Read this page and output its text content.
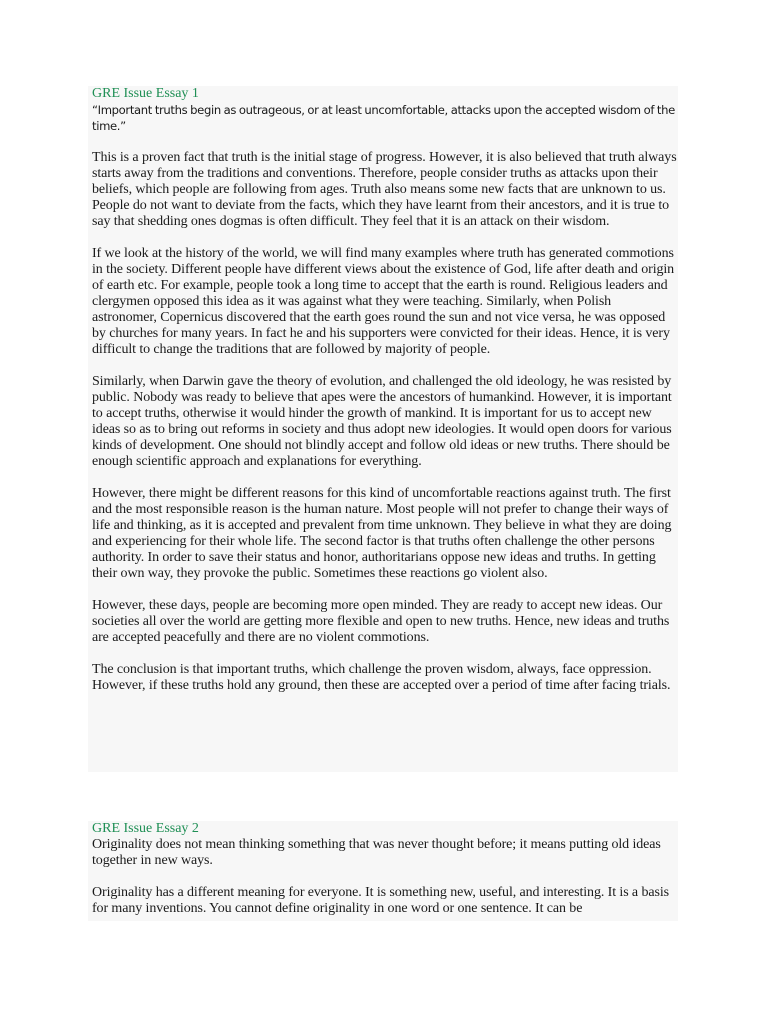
GRE Issue Essay 1

“Important truths begin as outrageous, or at least uncomfortable, attacks upon the accepted wisdom of the time.”

This is a proven fact that truth is the initial stage of progress. However, it is also believed that truth always starts away from the traditions and conventions. Therefore, people consider truths as attacks upon their beliefs, which people are following from ages. Truth also means some new facts that are unknown to us. People do not want to deviate from the facts, which they have learnt from their ancestors, and it is true to say that shedding ones dogmas is often difficult. They feel that it is an attack on their wisdom.

If we look at the history of the world, we will find many examples where truth has generated commotions in the society. Different people have different views about the existence of God, life after death and origin of earth etc. For example, people took a long time to accept that the earth is round. Religious leaders and clergymen opposed this idea as it was against what they were teaching. Similarly, when Polish astronomer, Copernicus discovered that the earth goes round the sun and not vice versa, he was opposed by churches for many years. In fact he and his supporters were convicted for their ideas. Hence, it is very difficult to change the traditions that are followed by majority of people.

Similarly, when Darwin gave the theory of evolution, and challenged the old ideology, he was resisted by public. Nobody was ready to believe that apes were the ancestors of humankind. However, it is important to accept truths, otherwise it would hinder the growth of mankind. It is important for us to accept new ideas so as to bring out reforms in society and thus adopt new ideologies. It would open doors for various kinds of development. One should not blindly accept and follow old ideas or new truths. There should be enough scientific approach and explanations for everything.

However, there might be different reasons for this kind of uncomfortable reactions against truth. The first and the most responsible reason is the human nature. Most people will not prefer to change their ways of life and thinking, as it is accepted and prevalent from time unknown. They believe in what they are doing and experiencing for their whole life. The second factor is that truths often challenge the other persons authority. In order to save their status and honor, authoritarians oppose new ideas and truths. In getting their own way, they provoke the public. Sometimes these reactions go violent also.

However, these days, people are becoming more open minded. They are ready to accept new ideas. Our societies all over the world are getting more flexible and open to new truths. Hence, new ideas and truths are accepted peacefully and there are no violent commotions.

The conclusion is that important truths, which challenge the proven wisdom, always, face oppression. However, if these truths hold any ground, then these are accepted over a period of time after facing trials.

GRE Issue Essay 2

Originality does not mean thinking something that was never thought before; it means putting old ideas together in new ways.

Originality has a different meaning for everyone. It is something new, useful, and interesting. It is a basis for many inventions. You cannot define originality in one word or one sentence. It can be
